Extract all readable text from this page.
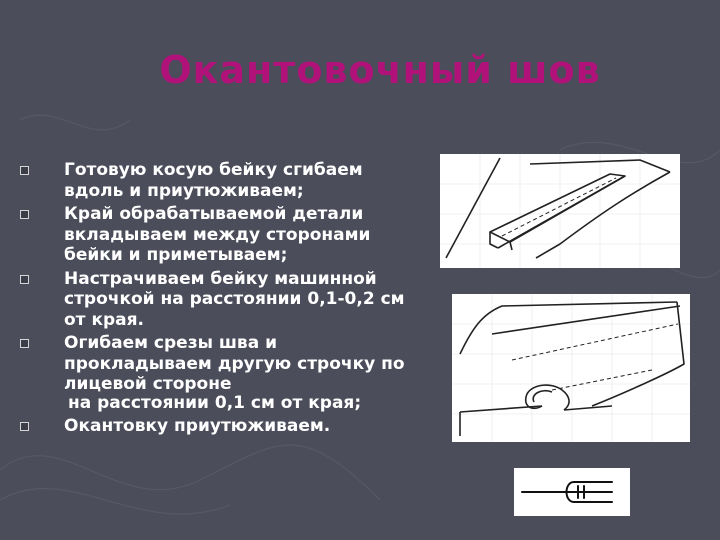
Окантовочный шов
Готовую косую бейку сгибаем вдоль и приутюживаем;
Край обрабатываемой детали вкладываем между сторонами бейки и приметываем;
Настрачиваем бейку машинной строчкой на расстоянии 0,1-0,2 см от края.
Огибаем срезы шва и прокладываем другую строчку по лицевой стороне
на расстоянии 0,1 см от края;
Окантовку приутюживаем.
